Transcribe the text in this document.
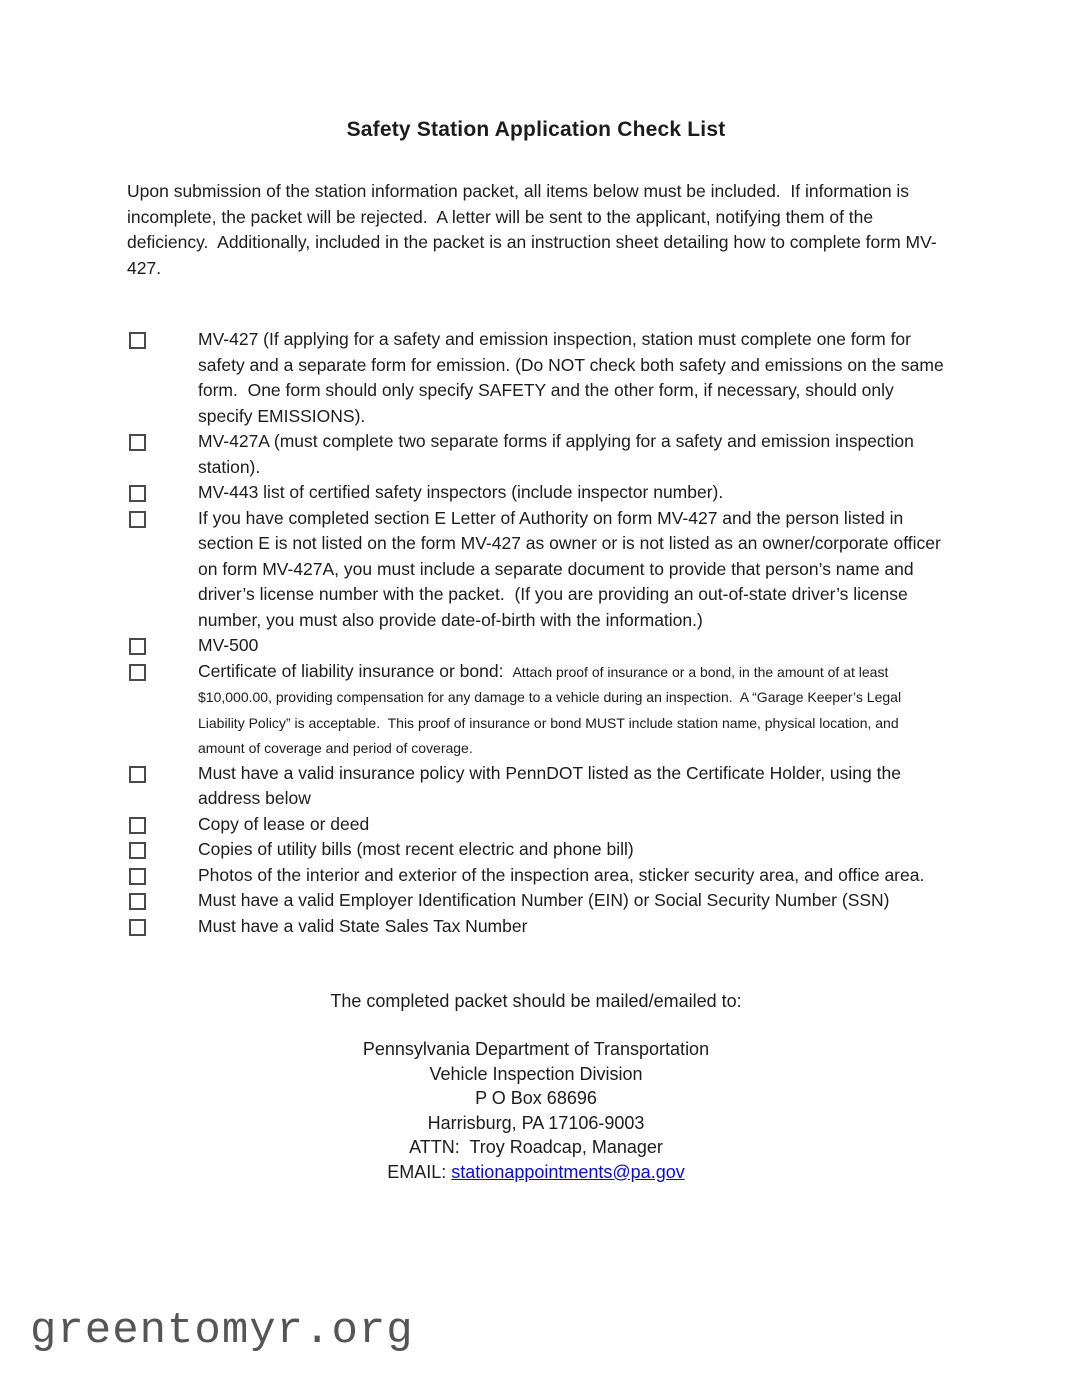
Safety Station Application Check List

Upon submission of the station information packet, all items below must be included.  If information is incomplete, the packet will be rejected.  A letter will be sent to the applicant, notifying them of the deficiency.  Additionally, included in the packet is an instruction sheet detailing how to complete form MV-427.

MV-427 (If applying for a safety and emission inspection, station must complete one form for safety and a separate form for emission. (Do NOT check both safety and emissions on the same form.  One form should only specify SAFETY and the other form, if necessary, should only specify EMISSIONS).
MV-427A (must complete two separate forms if applying for a safety and emission inspection station).
MV-443 list of certified safety inspectors (include inspector number).
If you have completed section E Letter of Authority on form MV-427 and the person listed in section E is not listed on the form MV-427 as owner or is not listed as an owner/corporate officer on form MV-427A, you must include a separate document to provide that person’s name and driver’s license number with the packet.  (If you are providing an out-of-state driver’s license number, you must also provide date-of-birth with the information.)
MV-500
Certificate of liability insurance or bond: Attach proof of insurance or a bond, in the amount of at least $10,000.00, providing compensation for any damage to a vehicle during an inspection.  A “Garage Keeper’s Legal Liability Policy” is acceptable.  This proof of insurance or bond MUST include station name, physical location, and amount of coverage and period of coverage.
Must have a valid insurance policy with PennDOT listed as the Certificate Holder, using the address below
Copy of lease or deed
Copies of utility bills (most recent electric and phone bill)
Photos of the interior and exterior of the inspection area, sticker security area, and office area.
Must have a valid Employer Identification Number (EIN) or Social Security Number (SSN)
Must have a valid State Sales Tax Number

The completed packet should be mailed/emailed to:

Pennsylvania Department of Transportation
Vehicle Inspection Division
P O Box 68696
Harrisburg, PA 17106-9003
ATTN:  Troy Roadcap, Manager
EMAIL: stationappointments@pa.gov
greentomyr.org
